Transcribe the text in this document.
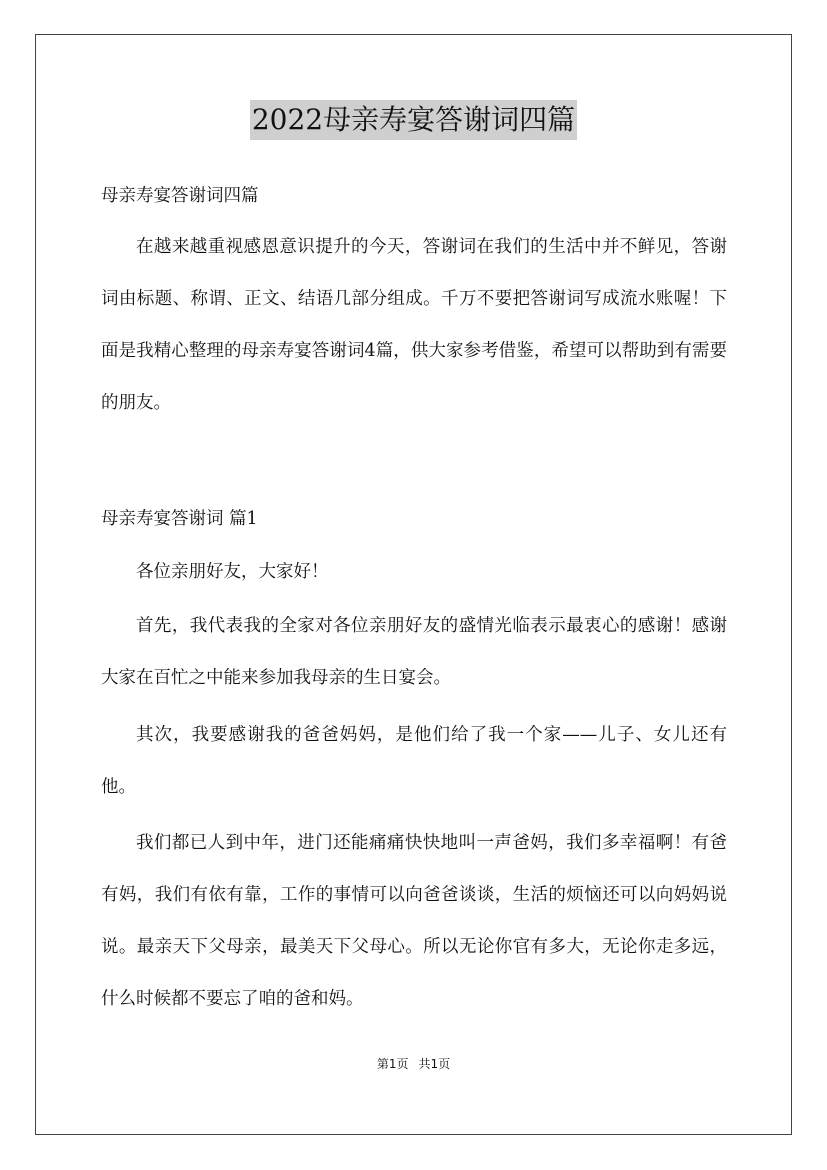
2022母亲寿宴答谢词四篇
母亲寿宴答谢词四篇
在越来越重视感恩意识提升的今天，答谢词在我们的生活中并不鲜见，答谢词由标题、称谓、正文、结语几部分组成。千万不要把答谢词写成流水账喔！下面是我精心整理的母亲寿宴答谢词4篇，供大家参考借鉴，希望可以帮助到有需要的朋友。
母亲寿宴答谢词 篇1
各位亲朋好友，大家好！
首先，我代表我的全家对各位亲朋好友的盛情光临表示最衷心的感谢！感谢大家在百忙之中能来参加我母亲的生日宴会。
其次，我要感谢我的爸爸妈妈，是他们给了我一个家——儿子、女儿还有他。
我们都已人到中年，进门还能痛痛快快地叫一声爸妈，我们多幸福啊！有爸有妈，我们有依有靠，工作的事情可以向爸爸谈谈，生活的烦恼还可以向妈妈说说。最亲天下父母亲，最美天下父母心。所以无论你官有多大，无论你走多远，什么时候都不要忘了咱的爸和妈。
第1页 共1页
